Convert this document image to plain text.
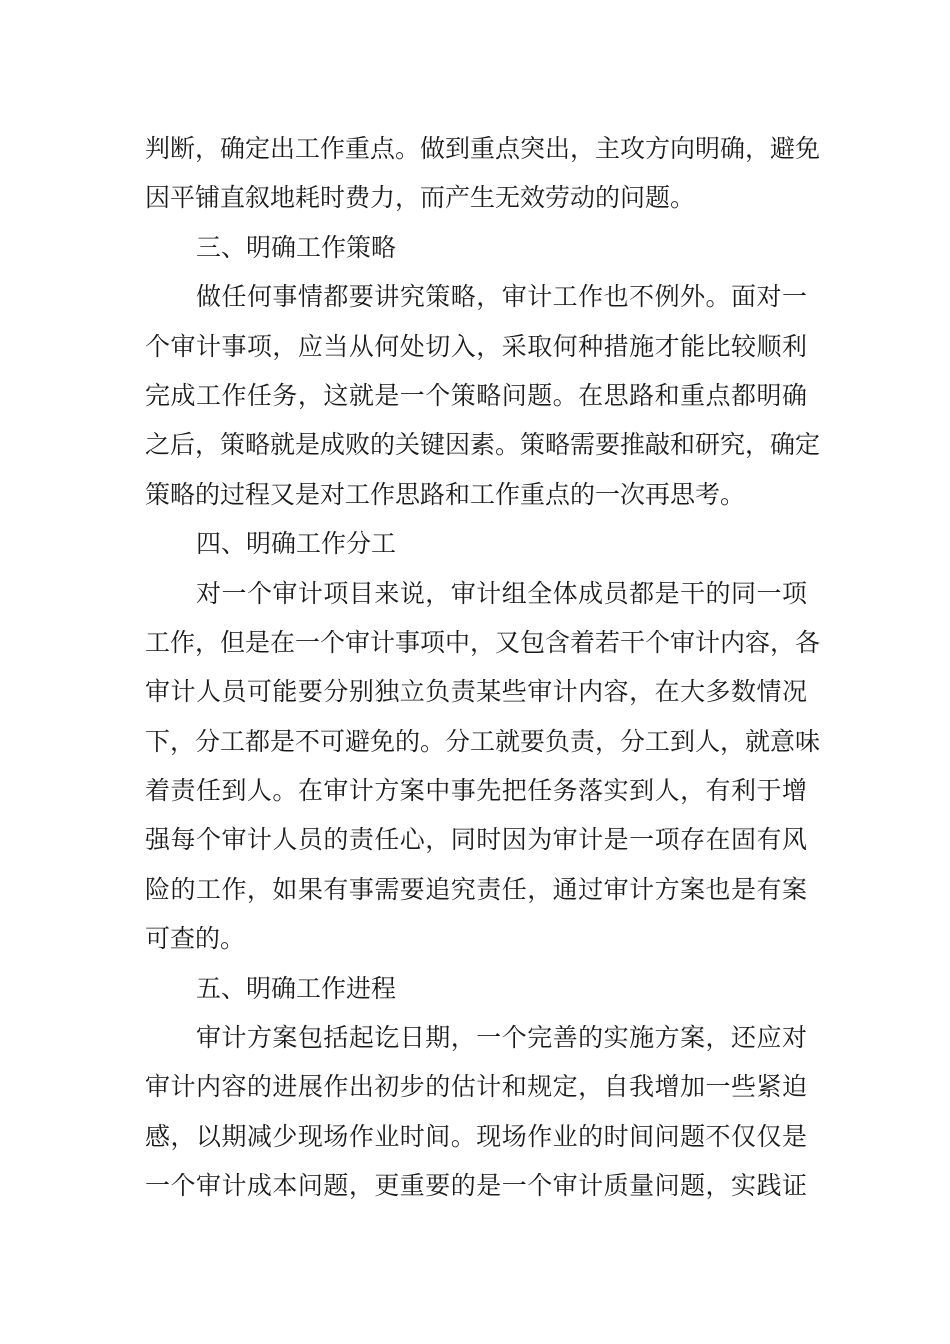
判断，确定出工作重点。做到重点突出，主攻方向明确，避免
因平铺直叙地耗时费力，而产生无效劳动的问题。
三、明确工作策略
做任何事情都要讲究策略，审计工作也不例外。面对一
个审计事项，应当从何处切入，采取何种措施才能比较顺利
完成工作任务，这就是一个策略问题。在思路和重点都明确
之后，策略就是成败的关键因素。策略需要推敲和研究，确定
策略的过程又是对工作思路和工作重点的一次再思考。
四、明确工作分工
对一个审计项目来说，审计组全体成员都是干的同一项
工作，但是在一个审计事项中，又包含着若干个审计内容，各
审计人员可能要分别独立负责某些审计内容，在大多数情况
下，分工都是不可避免的。分工就要负责，分工到人，就意味
着责任到人。在审计方案中事先把任务落实到人，有利于增
强每个审计人员的责任心，同时因为审计是一项存在固有风
险的工作，如果有事需要追究责任，通过审计方案也是有案
可查的。
五、明确工作进程
审计方案包括起讫日期，一个完善的实施方案，还应对
审计内容的进展作出初步的估计和规定，自我增加一些紧迫
感，以期减少现场作业时间。现场作业的时间问题不仅仅是
一个审计成本问题，更重要的是一个审计质量问题，实践证
